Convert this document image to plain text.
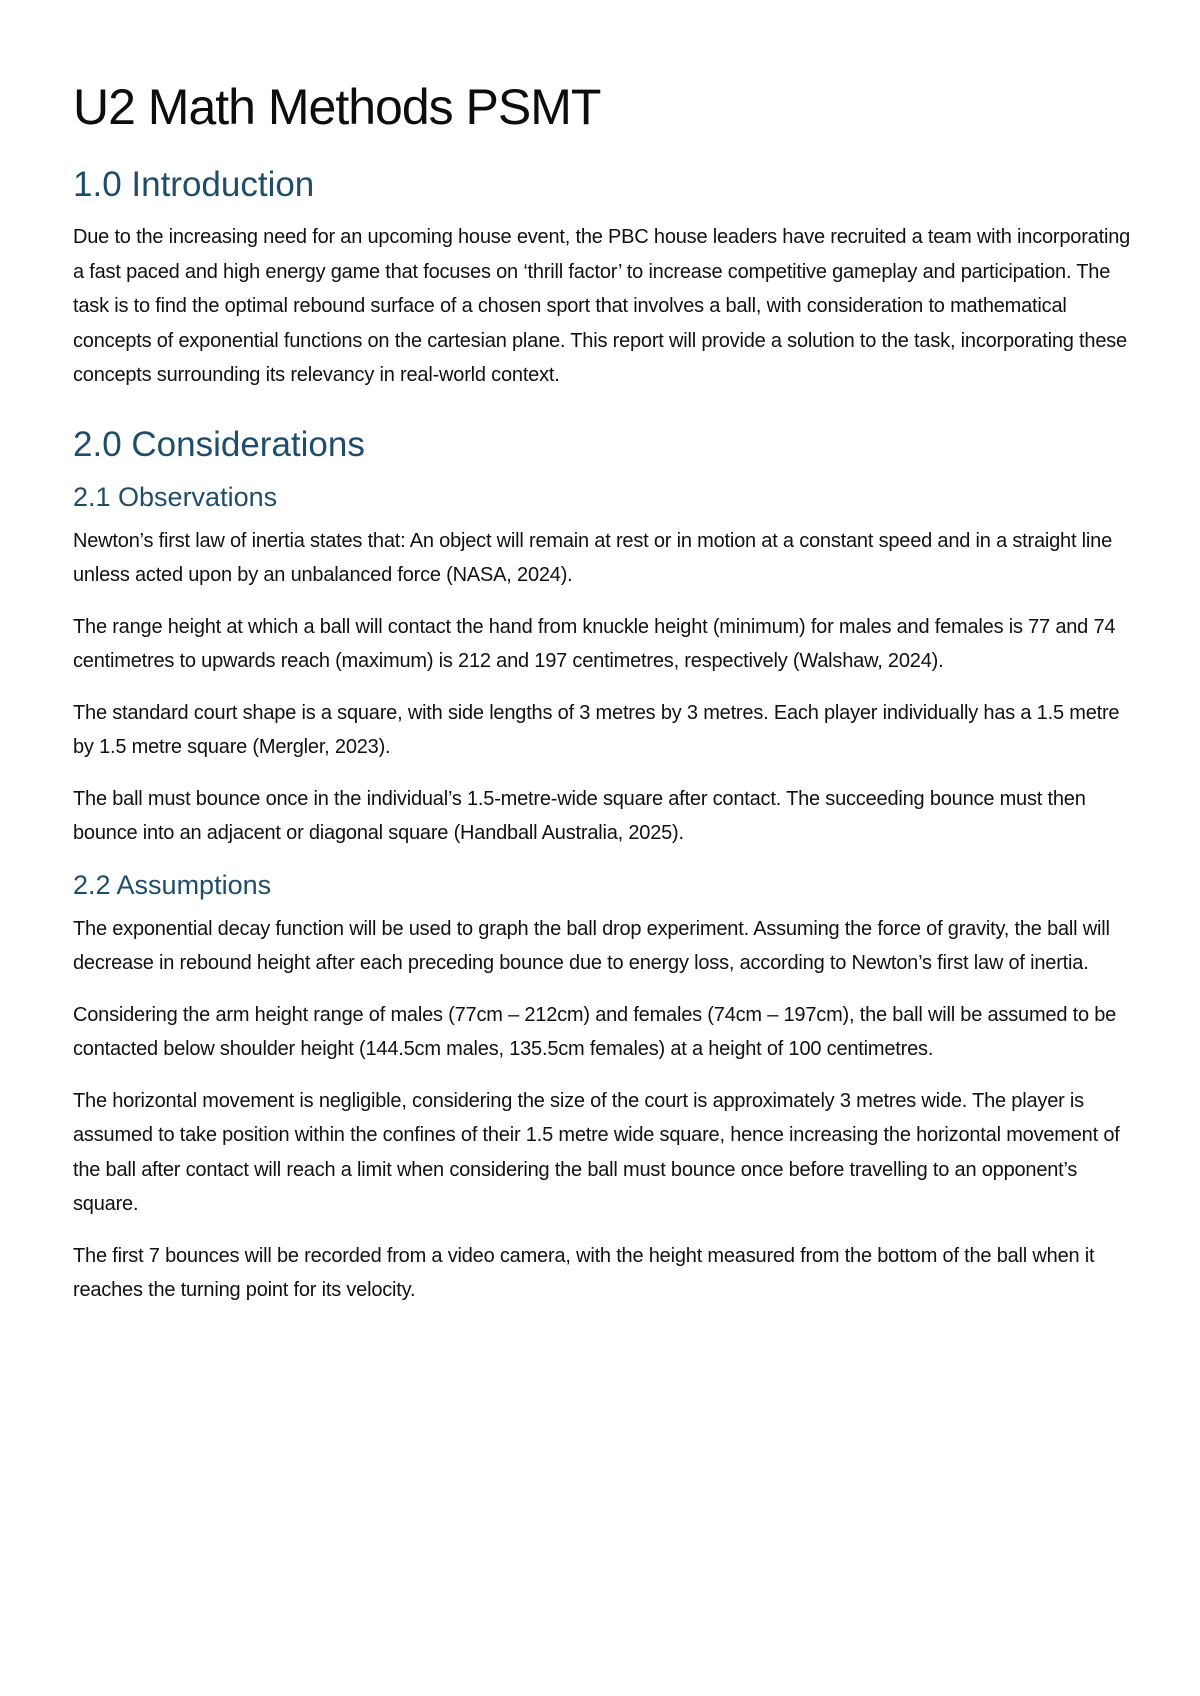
U2 Math Methods PSMT
1.0 Introduction

Due to the increasing need for an upcoming house event, the PBC house leaders have recruited a team with incorporating a fast paced and high energy game that focuses on ‘thrill factor’ to increase competitive gameplay and participation. The task is to find the optimal rebound surface of a chosen sport that involves a ball, with consideration to mathematical concepts of exponential functions on the cartesian plane. This report will provide a solution to the task, incorporating these concepts surrounding its relevancy in real-world context.

2.0 Considerations
2.1 Observations

Newton’s first law of inertia states that: An object will remain at rest or in motion at a constant speed and in a straight line unless acted upon by an unbalanced force (NASA, 2024).

The range height at which a ball will contact the hand from knuckle height (minimum) for males and females is 77 and 74 centimetres to upwards reach (maximum) is 212 and 197 centimetres, respectively (Walshaw, 2024).

The standard court shape is a square, with side lengths of 3 metres by 3 metres. Each player individually has a 1.5 metre by 1.5 metre square (Mergler, 2023).

The ball must bounce once in the individual’s 1.5-metre-wide square after contact. The succeeding bounce must then bounce into an adjacent or diagonal square (Handball Australia, 2025).

2.2 Assumptions

The exponential decay function will be used to graph the ball drop experiment. Assuming the force of gravity, the ball will decrease in rebound height after each preceding bounce due to energy loss, according to Newton’s first law of inertia.

Considering the arm height range of males (77cm – 212cm) and females (74cm – 197cm), the ball will be assumed to be contacted below shoulder height (144.5cm males, 135.5cm females) at a height of 100 centimetres.

The horizontal movement is negligible, considering the size of the court is approximately 3 metres wide. The player is assumed to take position within the confines of their 1.5 metre wide square, hence increasing the horizontal movement of the ball after contact will reach a limit when considering the ball must bounce once before travelling to an opponent’s square.

The first 7 bounces will be recorded from a video camera, with the height measured from the bottom of the ball when it reaches the turning point for its velocity.
